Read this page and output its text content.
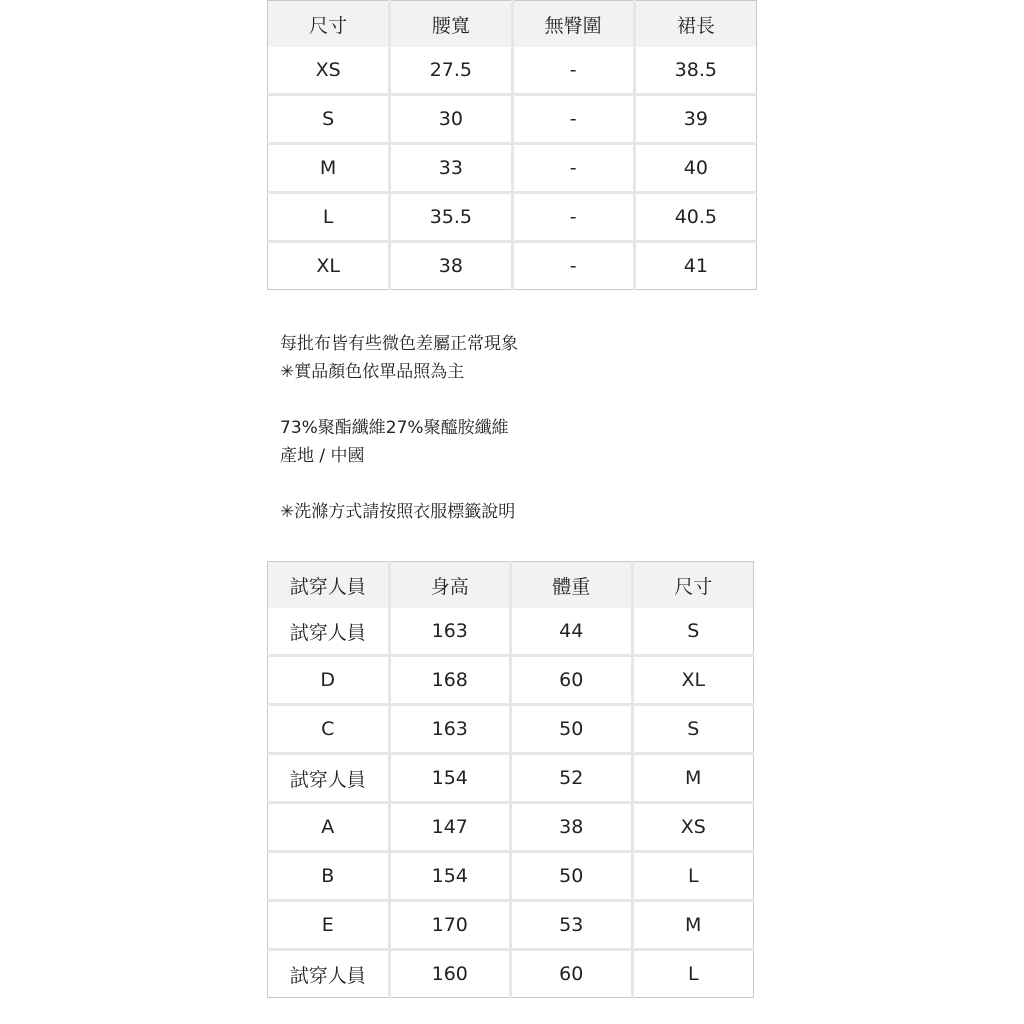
尺寸	腰寬	無臀圍	裙長
XS	27.5	-	38.5
S	30	-	39
M	33	-	40
L	35.5	-	40.5
XL	38	-	41
每批布皆有些微色差屬正常現象
✳實品顏色依單品照為主
73%聚酯纖維27%聚醯胺纖維
產地 / 中國
✳洗滌方式請按照衣服標籤說明
試穿人員	身高	體重	尺寸
試穿人員	163	44	S
D	168	60	XL
C	163	50	S
試穿人員	154	52	M
A	147	38	XS
B	154	50	L
E	170	53	M
試穿人員	160	60	L
